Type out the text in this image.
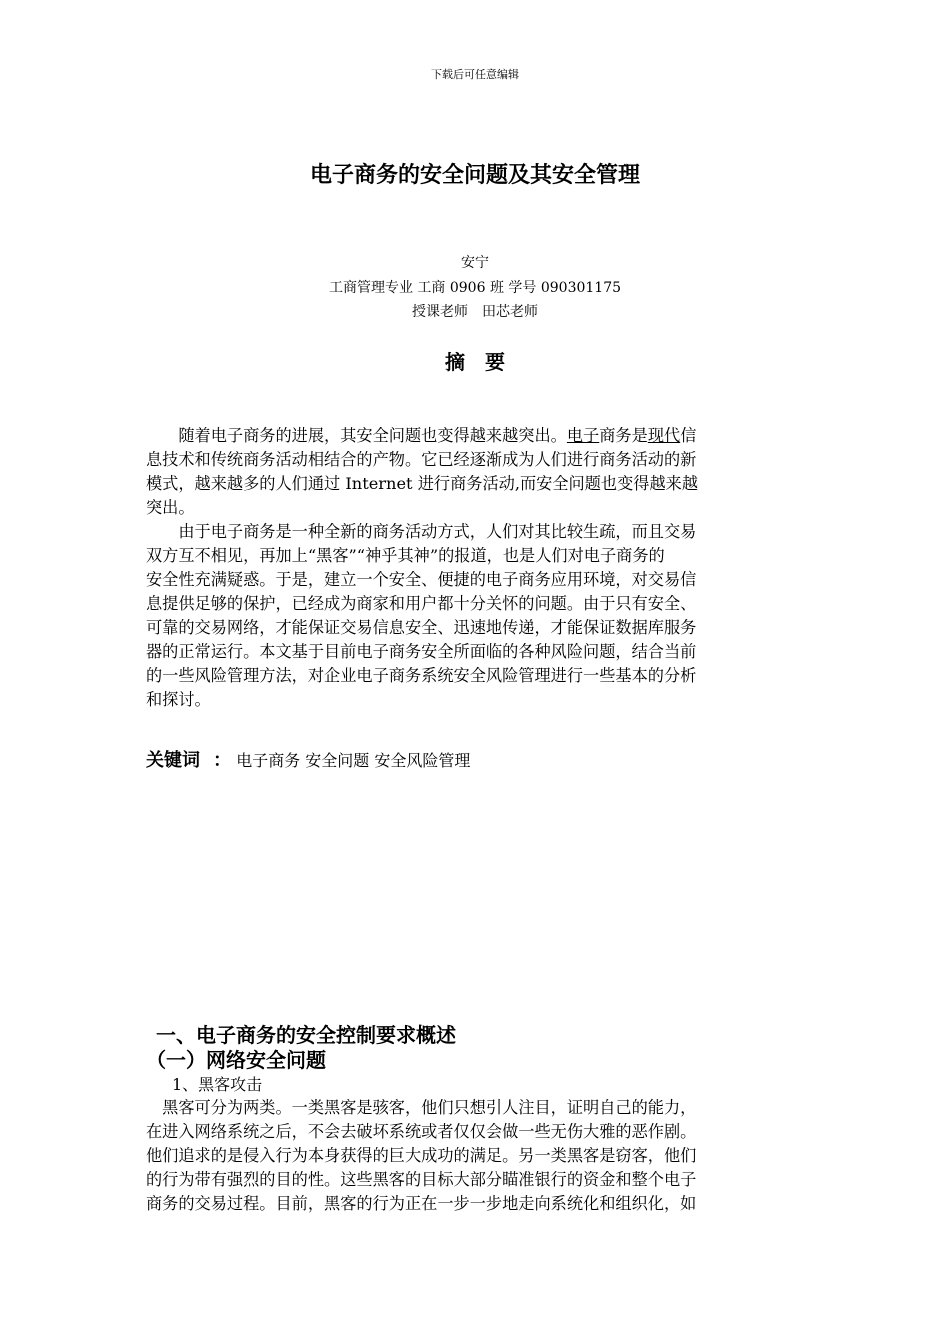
下载后可任意编辑
电子商务的安全问题及其安全管理
安宁
工商管理专业 工商 0906 班 学号 090301175
授课老师　田芯老师
摘　要
　　随着电子商务的进展，其安全问题也变得越来越突出。电子商务是现代信
息技术和传统商务活动相结合的产物。它已经逐渐成为人们进行商务活动的新
模式，越来越多的人们通过 Internet 进行商务活动,而安全问题也变得越来越
突出。
　　由于电子商务是一种全新的商务活动方式，人们对其比较生疏，而且交易
双方互不相见，再加上“黑客”“神乎其神”的报道，也是人们对电子商务的
安全性充满疑惑。于是，建立一个安全、便捷的电子商务应用环境，对交易信
息提供足够的保护，已经成为商家和用户都十分关怀的问题。由于只有安全、
可靠的交易网络，才能保证交易信息安全、迅速地传递，才能保证数据库服务
器的正常运行。本文基于目前电子商务安全所面临的各种风险问题，结合当前
的一些风险管理方法，对企业电子商务系统安全风险管理进行一些基本的分析
和探讨。
关键词 ： 电子商务 安全问题 安全风险管理
一、电子商务的安全控制要求概述
（一）网络安全问题
1、黑客攻击
　黑客可分为两类。一类黑客是骇客，他们只想引人注目，证明自己的能力，
在进入网络系统之后，不会去破坏系统或者仅仅会做一些无伤大雅的恶作剧。
他们追求的是侵入行为本身获得的巨大成功的满足。另一类黑客是窃客，他们
的行为带有强烈的目的性。这些黑客的目标大部分瞄准银行的资金和整个电子
商务的交易过程。目前，黑客的行为正在一步一步地走向系统化和组织化，如
